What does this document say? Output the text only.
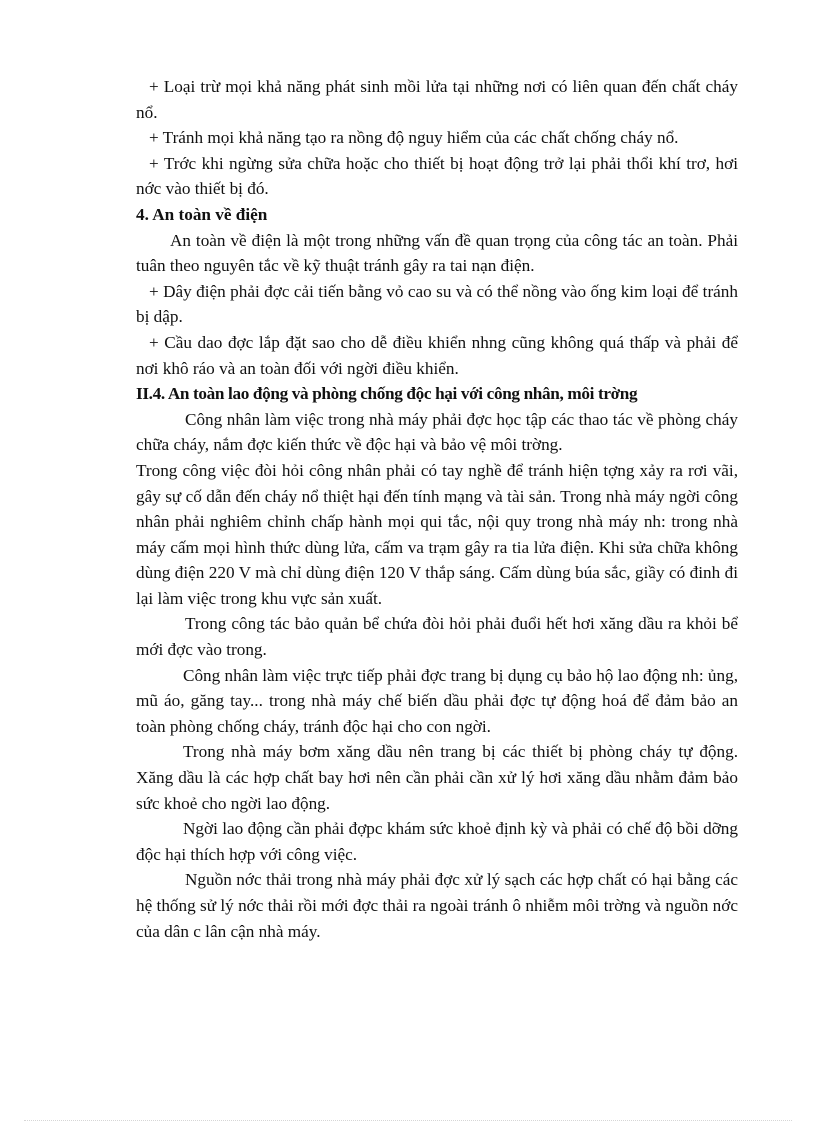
+ Loại trừ mọi khả năng phát sinh mồi lửa tại những nơi có liên quan đến chất cháy nổ.

+ Tránh mọi khả năng tạo ra nồng độ nguy hiểm của các chất chống cháy nổ.

+ Trớc khi ngừng sửa chữa hoặc cho thiết bị hoạt động trở lại phải thổi khí trơ, hơi nớc vào thiết bị đó.

4. An toàn về điện

An toàn về điện là một trong những vấn đề quan trọng của công tác an toàn. Phải tuân theo nguyên tắc về kỹ thuật tránh gây ra tai nạn điện.

+ Dây điện phải đợc cải tiến bằng vỏ cao su và có thể nồng vào ống kim loại để tránh bị dập.

+ Cầu dao đợc lắp đặt sao cho dễ điều khiển nhng cũng không quá thấp và phải để nơi khô ráo và an toàn đối với ngời điều khiển.

II.4. An toàn lao động và phòng chống độc hại với công nhân, môi trờng

Công nhân làm việc trong nhà máy phải đợc học tập các thao tác về phòng cháy chữa cháy, nắm đợc kiến thức về độc hại và bảo vệ môi trờng.

Trong công việc đòi hỏi công nhân phải có tay nghề để tránh hiện tợng xảy ra rơi vãi, gây sự cố dẫn đến cháy nổ thiệt hại đến tính mạng và tài sản. Trong nhà máy ngời công nhân phải nghiêm chỉnh chấp hành mọi qui tắc, nội quy trong nhà máy nh: trong nhà máy cấm mọi hình thức dùng lửa, cấm va trạm gây ra tia lửa điện. Khi sửa chữa không dùng điện 220 V mà chỉ dùng điện 120 V thắp sáng. Cấm dùng búa sắc, giầy có đinh đi lại làm việc trong khu vực sản xuất.

Trong công tác bảo quản bể chứa đòi hỏi phải đuổi hết hơi xăng dầu ra khỏi bể mới đợc vào trong.

Công nhân làm việc trực tiếp phải đợc trang bị dụng cụ bảo hộ lao động nh: ủng, mũ áo, găng tay... trong nhà máy chế biến dầu phải đợc tự động hoá để đảm bảo an toàn phòng chống cháy, tránh độc hại cho con ngời.

Trong nhà máy bơm xăng dầu nên trang bị các thiết bị phòng cháy tự động. Xăng dầu là các hợp chất bay hơi nên cần phải cần xử lý hơi xăng dầu nhằm đảm bảo sức khoẻ cho ngời lao động.

Ngời lao động cần phải đợpc khám sức khoẻ định kỳ và phải có chế độ bồi dỡng độc hại thích hợp với công việc.

Nguồn nớc thải trong nhà máy phải đợc xử lý sạch các hợp chất có hại bằng các hệ thống sử lý nớc thải rồi mới đợc thải ra ngoài tránh ô nhiễm môi trờng và nguồn nớc của dân c lân cận nhà máy.
